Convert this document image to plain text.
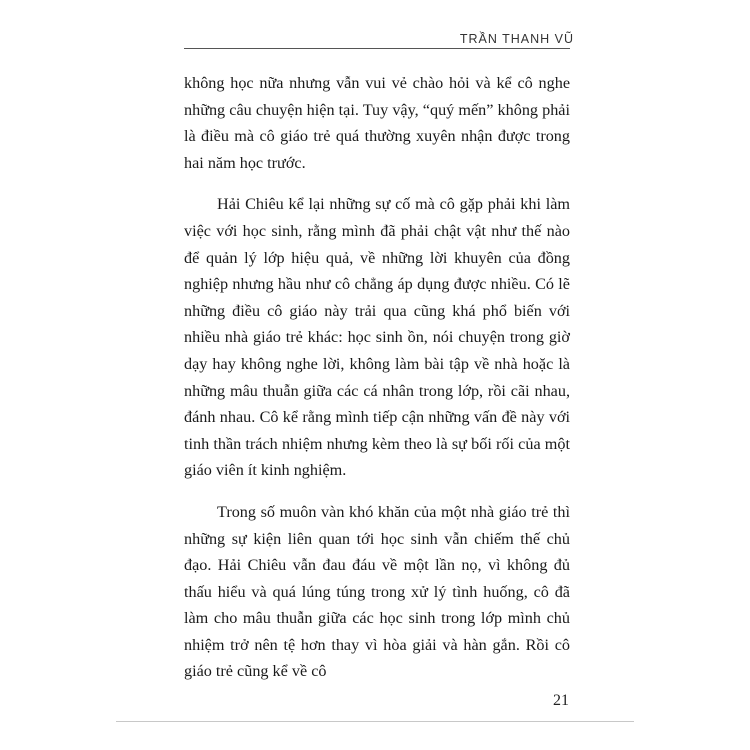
TRẦN THANH VŨ

không học nữa nhưng vẫn vui vẻ chào hỏi và kể cô nghe những câu chuyện hiện tại. Tuy vậy, “quý mến” không phải là điều mà cô giáo trẻ quá thường xuyên nhận được trong hai năm học trước.

Hải Chiêu kể lại những sự cố mà cô gặp phải khi làm việc với học sinh, rằng mình đã phải chật vật như thế nào để quản lý lớp hiệu quả, về những lời khuyên của đồng nghiệp nhưng hầu như cô chẳng áp dụng được nhiều. Có lẽ những điều cô giáo này trải qua cũng khá phổ biến với nhiều nhà giáo trẻ khác: học sinh ồn, nói chuyện trong giờ dạy hay không nghe lời, không làm bài tập về nhà hoặc là những mâu thuẫn giữa các cá nhân trong lớp, rồi cãi nhau, đánh nhau. Cô kể rằng mình tiếp cận những vấn đề này với tinh thần trách nhiệm nhưng kèm theo là sự bối rối của một giáo viên ít kinh nghiệm.

Trong số muôn vàn khó khăn của một nhà giáo trẻ thì những sự kiện liên quan tới học sinh vẫn chiếm thế chủ đạo. Hải Chiêu vẫn đau đáu về một lần nọ, vì không đủ thấu hiểu và quá lúng túng trong xử lý tình huống, cô đã làm cho mâu thuẫn giữa các học sinh trong lớp mình chủ nhiệm trở nên tệ hơn thay vì hòa giải và hàn gắn. Rồi cô giáo trẻ cũng kể về cô

21
